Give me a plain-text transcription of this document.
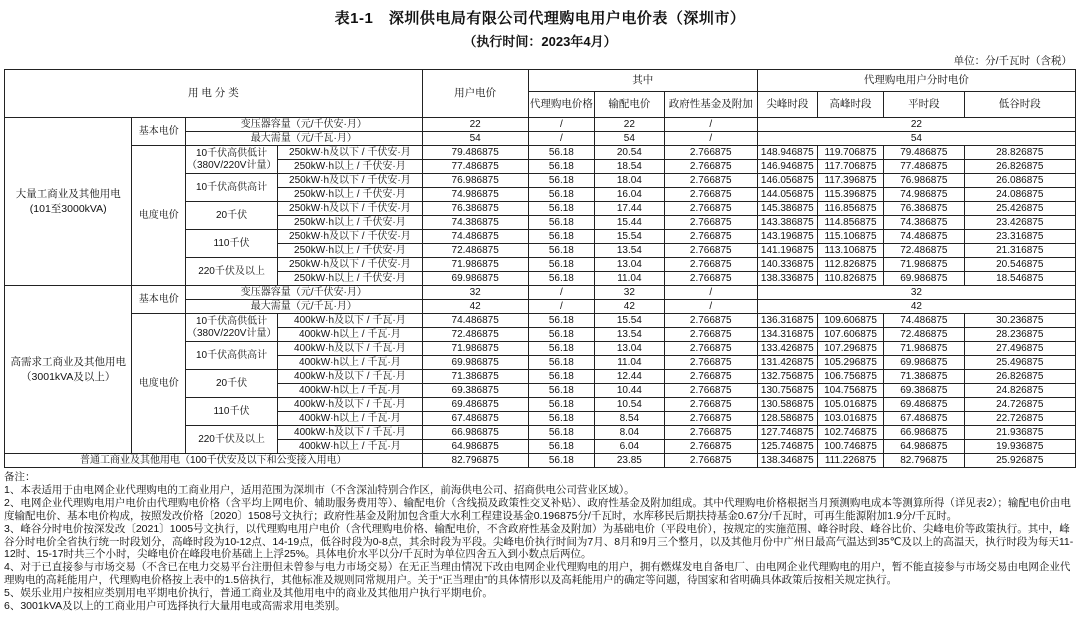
表1-1　深圳供电局有限公司代理购电用户电价表（深圳市）
（执行时间：2023年4月）
单位：分/千瓦时（含税）
用 电 分 类				用户电价	其中			代理购电用户分时电价			
					代理购电价格	输配电价	政府性基金及附加	尖峰时段	高峰时段	平时段	低谷时段
大量工商业及其他用电(101至3000kVA)	基本电价	变压器容量（元/千伏安·月）		22	/	22	/	22			
		最大需量（元/千瓦·月）		54	/	54	/	54			
	电度电价	10千伏高供低计（380V/220V计量）	250kW·h及以下 / 千伏安·月	79.486875	56.18	20.54	2.766875	148.946875	119.706875	79.486875	28.826875
			250kW·h以上 / 千伏安·月	77.486875	56.18	18.54	2.766875	146.946875	117.706875	77.486875	26.826875
		10千伏高供高计	250kW·h及以下 / 千伏安·月	76.986875	56.18	18.04	2.766875	146.056875	117.396875	76.986875	26.086875
			250kW·h以上 / 千伏安·月	74.986875	56.18	16.04	2.766875	144.056875	115.396875	74.986875	24.086875
		20千伏	250kW·h及以下 / 千伏安·月	76.386875	56.18	17.44	2.766875	145.386875	116.856875	76.386875	25.426875
			250kW·h以上 / 千伏安·月	74.386875	56.18	15.44	2.766875	143.386875	114.856875	74.386875	23.426875
		110千伏	250kW·h及以下 / 千伏安·月	74.486875	56.18	15.54	2.766875	143.196875	115.106875	74.486875	23.316875
			250kW·h以上 / 千伏安·月	72.486875	56.18	13.54	2.766875	141.196875	113.106875	72.486875	21.316875
		220千伏及以上	250kW·h及以下 / 千伏安·月	71.986875	56.18	13.04	2.766875	140.336875	112.826875	71.986875	20.546875
			250kW·h以上 / 千伏安·月	69.986875	56.18	11.04	2.766875	138.336875	110.826875	69.986875	18.546875
高需求工商业及其他用电（3001kVA及以上）	基本电价	变压器容量（元/千伏安·月）		32	/	32	/	32			
		最大需量（元/千瓦·月）		42	/	42	/	42			
	电度电价	10千伏高供低计（380V/220V计量）	400kW·h及以下 / 千瓦·月	74.486875	56.18	15.54	2.766875	136.316875	109.606875	74.486875	30.236875
			400kW·h以上 / 千瓦·月	72.486875	56.18	13.54	2.766875	134.316875	107.606875	72.486875	28.236875
		10千伏高供高计	400kW·h及以下 / 千瓦·月	71.986875	56.18	13.04	2.766875	133.426875	107.296875	71.986875	27.496875
			400kW·h以上 / 千瓦·月	69.986875	56.18	11.04	2.766875	131.426875	105.296875	69.986875	25.496875
		20千伏	400kW·h及以下 / 千瓦·月	71.386875	56.18	12.44	2.766875	132.756875	106.756875	71.386875	26.826875
			400kW·h以上 / 千瓦·月	69.386875	56.18	10.44	2.766875	130.756875	104.756875	69.386875	24.826875
		110千伏	400kW·h及以下 / 千瓦·月	69.486875	56.18	10.54	2.766875	130.586875	105.016875	69.486875	24.726875
			400kW·h以上 / 千瓦·月	67.486875	56.18	8.54	2.766875	128.586875	103.016875	67.486875	22.726875
		220千伏及以上	400kW·h及以下 / 千瓦·月	66.986875	56.18	8.04	2.766875	127.746875	102.746875	66.986875	21.936875
			400kW·h以上 / 千瓦·月	64.986875	56.18	6.04	2.766875	125.746875	100.746875	64.986875	19.936875
普通工商业及其他用电（100千伏安及以下和公变接入用电）				82.796875	56.18	23.85	2.766875	138.346875	111.226875	82.796875	25.926875
备注：
1、本表适用于由电网企业代理购电的工商业用户，适用范围为深圳市（不含深汕特别合作区，前海供电公司、招商供电公司营业区域）。
2、电网企业代理购电用户电价由代理购电价格（含平均上网电价、辅助服务费用等）、输配电价（含线损及政策性交叉补贴）、政府性基金及附加组成。其中代理购电价格根据当月预测购电成本等测算所得（详见表2）；输配电价由电度输配电价、基本电价构成，按照发改价格〔2020〕1508号文执行；政府性基金及附加包含重大水利工程建设基金0.196875分/千瓦时，水库移民后期扶持基金0.67分/千瓦时，可再生能源附加1.9分/千瓦时。
3、峰谷分时电价按深发改〔2021〕1005号文执行，以代理购电用户电价（含代理购电价格、输配电价，不含政府性基金及附加）为基础电价（平段电价），按规定的实施范围、峰谷时段、峰谷比价、尖峰电价等政策执行。其中，峰谷分时电价全省执行统一时段划分，高峰时段为10-12点、14-19点，低谷时段为0-8点，其余时段为平段。尖峰电价执行时间为7月、8月和9月三个整月，以及其他月份中广州日最高气温达到35℃及以上的高温天，执行时段为每天11-12时、15-17时共三个小时，尖峰电价在峰段电价基础上上浮25%。具体电价水平以分/千瓦时为单位四舍五入到小数点后两位。
4、对于已直接参与市场交易（不含已在电力交易平台注册但未曾参与电力市场交易）在无正当理由情况下改由电网企业代理购电的用户，拥有燃煤发电自备电厂、由电网企业代理购电的用户，暂不能直接参与市场交易由电网企业代理购电的高耗能用户，代理购电价格按上表中的1.5倍执行，其他标准及规则同常规用户。关于“正当理由”的具体情形以及高耗能用户的确定等问题，待国家和省明确具体政策后按相关规定执行。
5、娱乐业用户按相应类别用电平期电价执行，普通工商业及其他用电中的商业及其他用户执行平期电价。
6、3001kVA及以上的工商业用户可选择执行大量用电或高需求用电类别。
